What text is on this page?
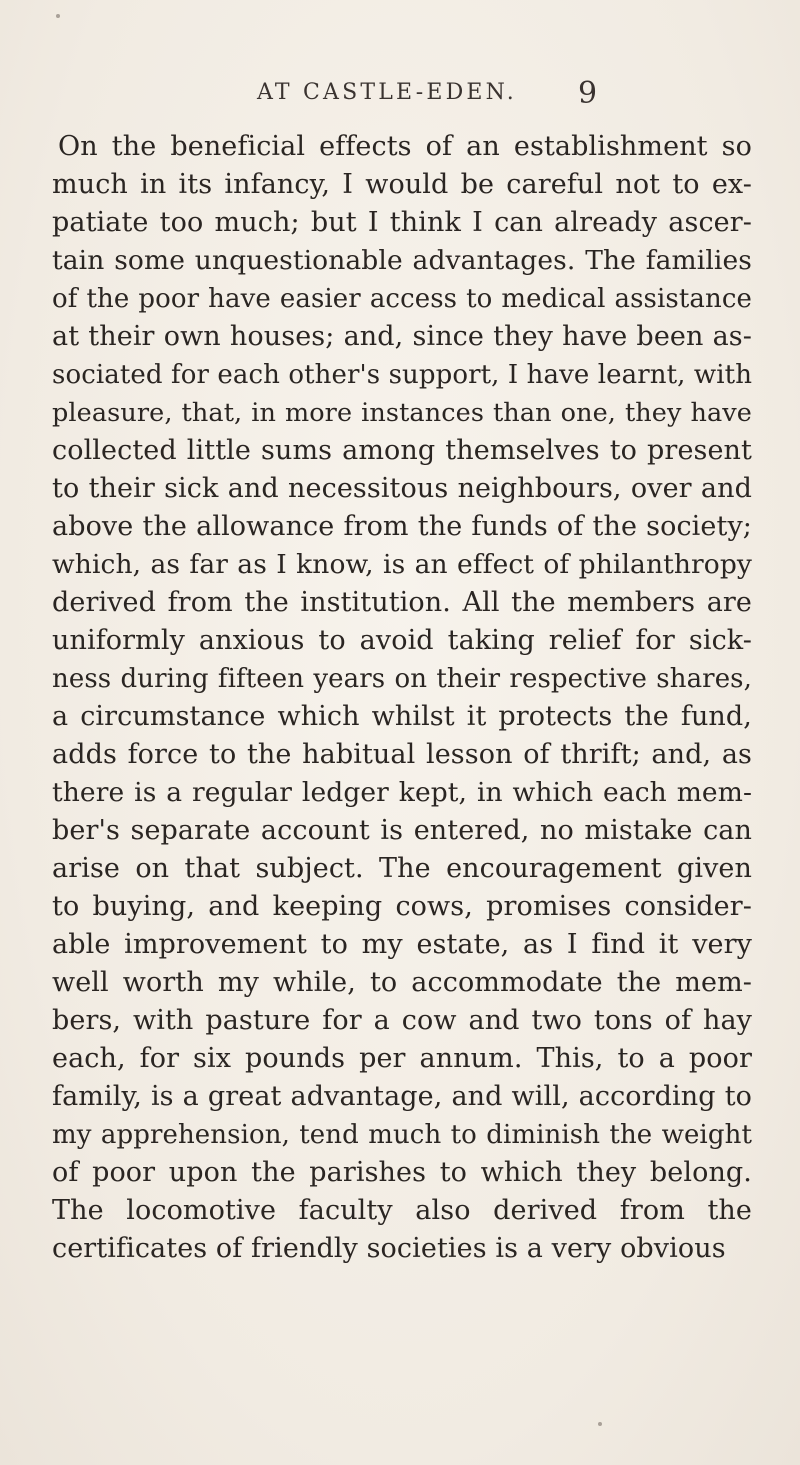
AT CASTLE-EDEN. 9
On the beneficial effects of an establishment so
much in its infancy, I would be careful not to ex-
patiate too much; but I think I can already ascer-
tain some unquestionable advantages. The families
of the poor have easier access to medical assistance
at their own houses; and, since they have been as-
sociated for each other's support, I have learnt, with
pleasure, that, in more instances than one, they have
collected little sums among themselves to present
to their sick and necessitous neighbours, over and
above the allowance from the funds of the society;
which, as far as I know, is an effect of philanthropy
derived from the institution. All the members are
uniformly anxious to avoid taking relief for sick-
ness during fifteen years on their respective shares,
a circumstance which whilst it protects the fund,
adds force to the habitual lesson of thrift; and, as
there is a regular ledger kept, in which each mem-
ber's separate account is entered, no mistake can
arise on that subject. The encouragement given
to buying, and keeping cows, promises consider-
able improvement to my estate, as I find it very
well worth my while, to accommodate the mem-
bers, with pasture for a cow and two tons of hay
each, for six pounds per annum. This, to a poor
family, is a great advantage, and will, according to
my apprehension, tend much to diminish the weight
of poor upon the parishes to which they belong.
The locomotive faculty also derived from the
certificates of friendly societies is a very obvious
